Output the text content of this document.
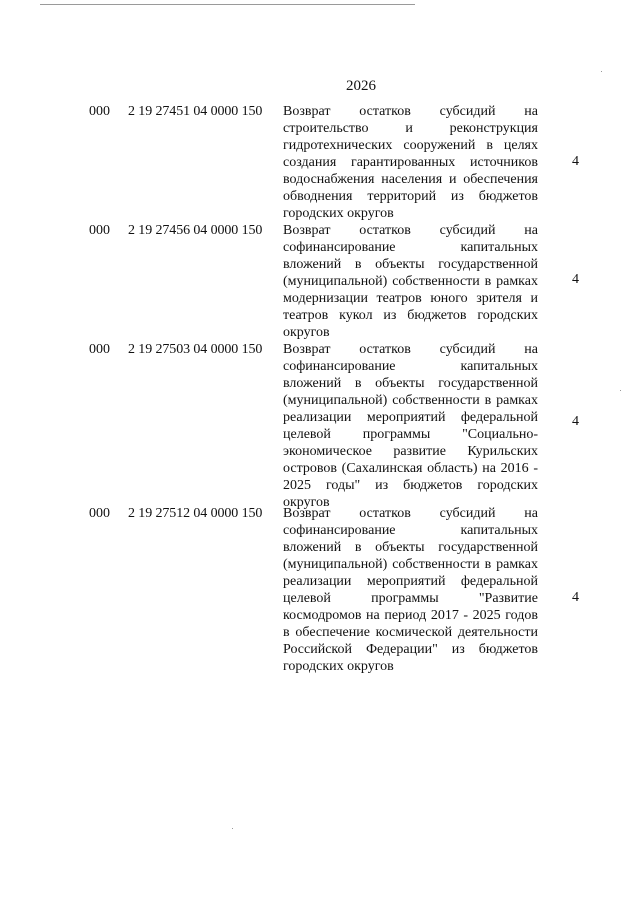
2026
000 2 19 27451 04 0000 150 Возврат остатков субсидий на строительство и реконструкция гидротехнических сооружений в целях создания гарантированных источников водоснабжения населения и обеспечения обводнения территорий из бюджетов городских округов
4
000 2 19 27456 04 0000 150 Возврат остатков субсидий на софинансирование капитальных вложений в объекты государственной (муниципальной) собственности в рамках модернизации театров юного зрителя и театров кукол из бюджетов городских округов
4
000 2 19 27503 04 0000 150 Возврат остатков субсидий на софинансирование капитальных вложений в объекты государственной (муниципальной) собственности в рамках реализации мероприятий федеральной целевой программы "Социально-экономическое развитие Курильских островов (Сахалинская область) на 2016 - 2025 годы" из бюджетов городских округов
4
000 2 19 27512 04 0000 150 Возврат остатков субсидий на софинансирование капитальных вложений в объекты государственной (муниципальной) собственности в рамках реализации мероприятий федеральной целевой программы "Развитие космодромов на период 2017 - 2025 годов в обеспечение космической деятельности Российской Федерации" из бюджетов городских округов
4
